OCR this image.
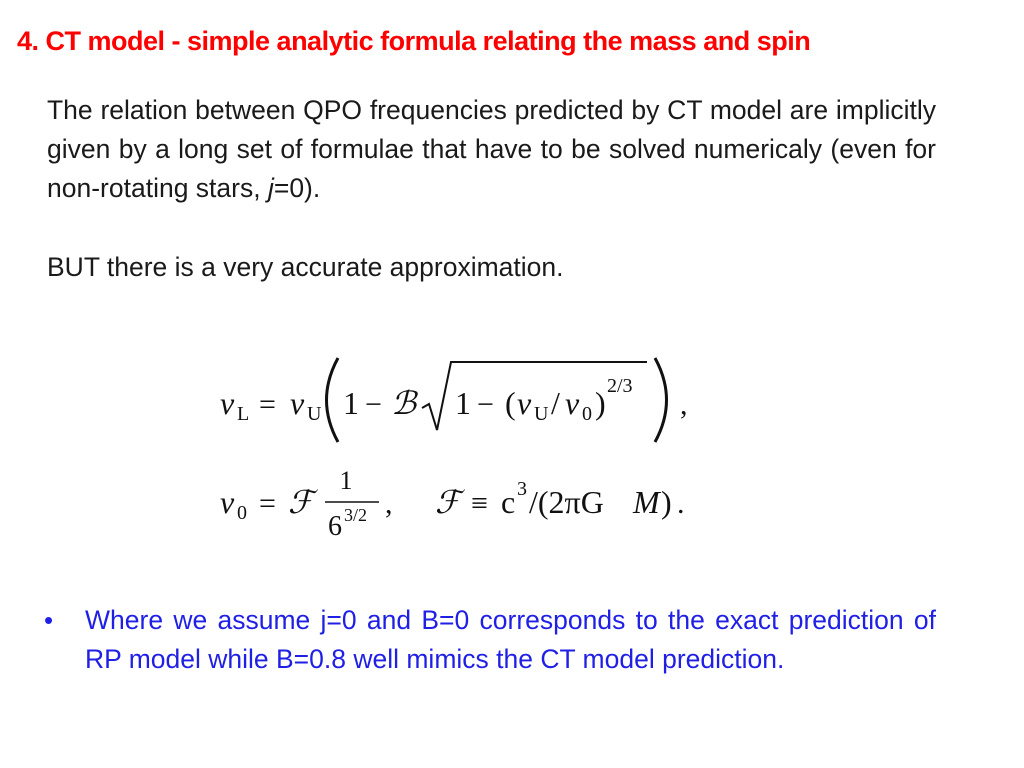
4. CT model - simple analytic formula relating the mass and spin
The relation between QPO frequencies predicted by CT model are implicitly given by a long set of formulae that have to be solved numericaly (even for non-rotating stars, j=0).
BUT there is a very accurate approximation.
ν L = ν U 1 − ℬ 1 − ( ν U / ν 0 ) 2/3
,
ν 0 = ℱ
1
6 3/2 , ℱ ≡ c 3 /(2πG M ) .
• Where we assume j=0 and B=0 corresponds to the exact prediction of RP model while B=0.8 well mimics the CT model prediction.
